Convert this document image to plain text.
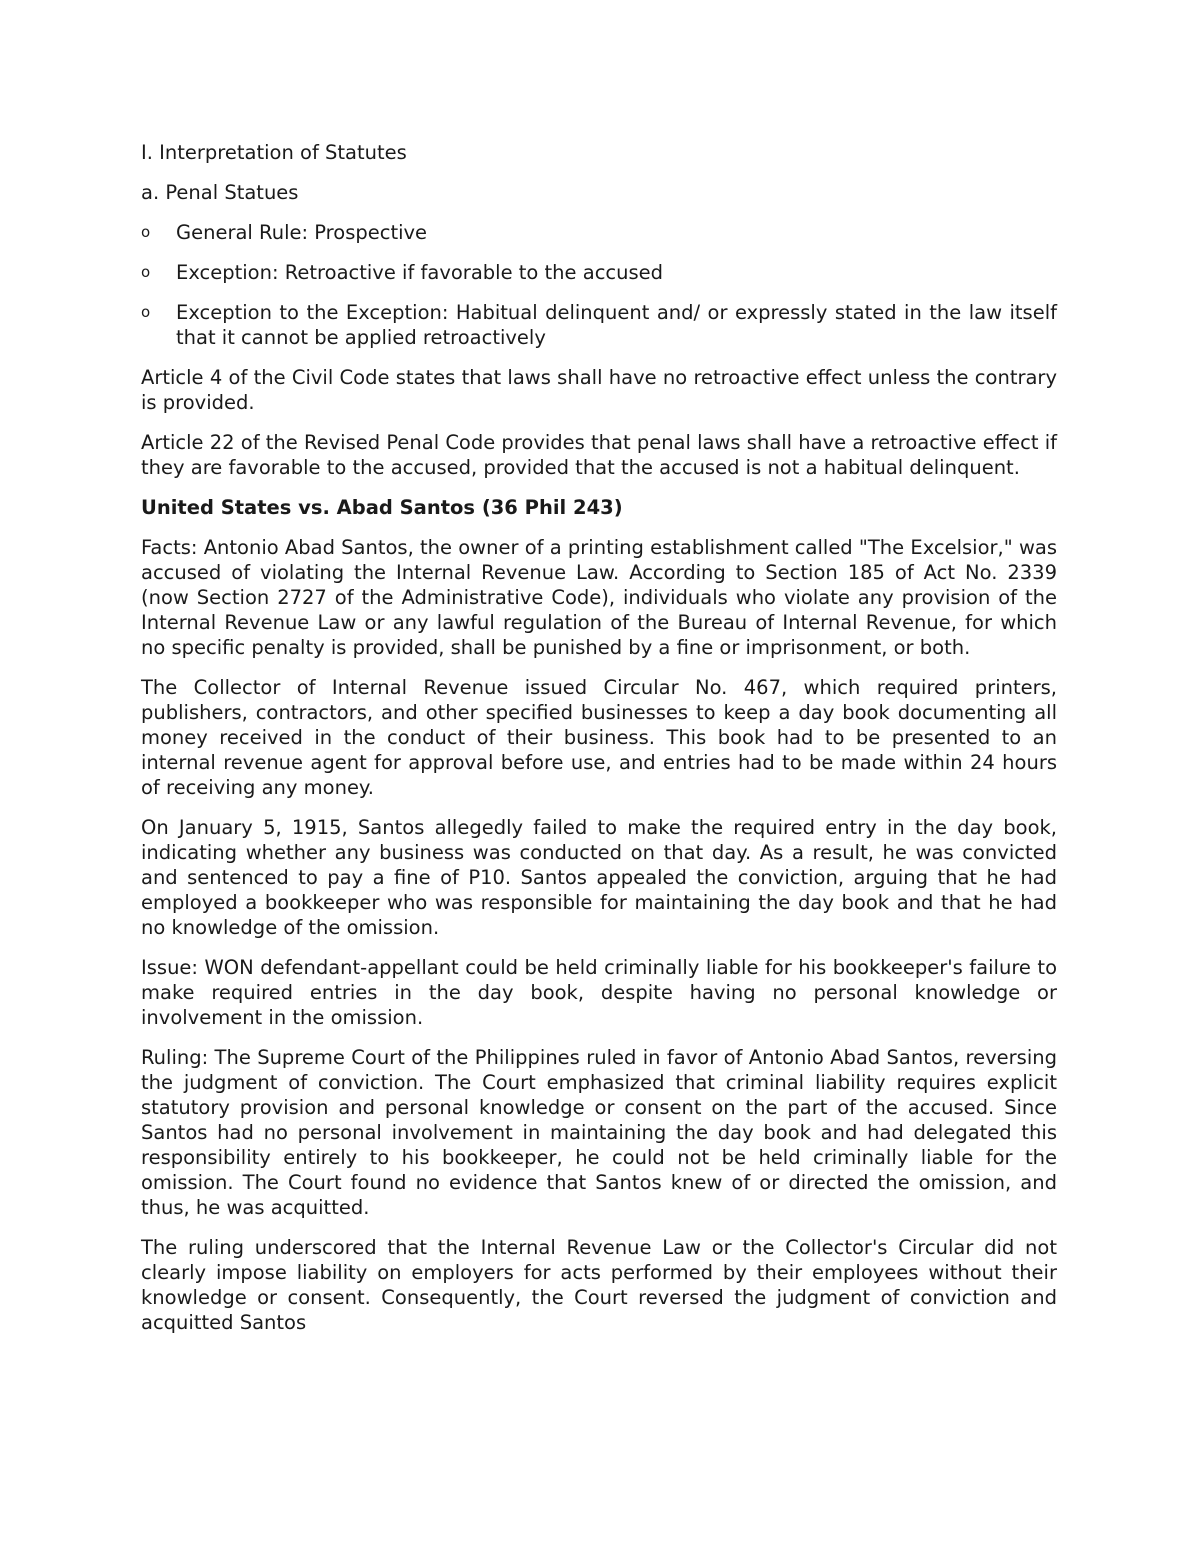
I. Interpretation of Statutes

a. Penal Statues

o General Rule: Prospective
o Exception: Retroactive if favorable to the accused
o Exception to the Exception: Habitual delinquent and/ or expressly stated in the law itself that it cannot be applied retroactively

Article 4 of the Civil Code states that laws shall have no retroactive effect unless the contrary is provided.

Article 22 of the Revised Penal Code provides that penal laws shall have a retroactive effect if they are favorable to the accused, provided that the accused is not a habitual delinquent.

United States vs. Abad Santos (36 Phil 243)

Facts: Antonio Abad Santos, the owner of a printing establishment called "The Excelsior," was accused of violating the Internal Revenue Law. According to Section 185 of Act No. 2339 (now Section 2727 of the Administrative Code), individuals who violate any provision of the Internal Revenue Law or any lawful regulation of the Bureau of Internal Revenue, for which no specific penalty is provided, shall be punished by a fine or imprisonment, or both.

The Collector of Internal Revenue issued Circular No. 467, which required printers, publishers, contractors, and other specified businesses to keep a day book documenting all money received in the conduct of their business. This book had to be presented to an internal revenue agent for approval before use, and entries had to be made within 24 hours of receiving any money.

On January 5, 1915, Santos allegedly failed to make the required entry in the day book, indicating whether any business was conducted on that day. As a result, he was convicted and sentenced to pay a fine of P10. Santos appealed the conviction, arguing that he had employed a bookkeeper who was responsible for maintaining the day book and that he had no knowledge of the omission.

Issue: WON defendant-appellant could be held criminally liable for his bookkeeper's failure to make required entries in the day book, despite having no personal knowledge or involvement in the omission.

Ruling: The Supreme Court of the Philippines ruled in favor of Antonio Abad Santos, reversing the judgment of conviction. The Court emphasized that criminal liability requires explicit statutory provision and personal knowledge or consent on the part of the accused. Since Santos had no personal involvement in maintaining the day book and had delegated this responsibility entirely to his bookkeeper, he could not be held criminally liable for the omission. The Court found no evidence that Santos knew of or directed the omission, and thus, he was acquitted.

The ruling underscored that the Internal Revenue Law or the Collector's Circular did not clearly impose liability on employers for acts performed by their employees without their knowledge or consent. Consequently, the Court reversed the judgment of conviction and acquitted Santos
